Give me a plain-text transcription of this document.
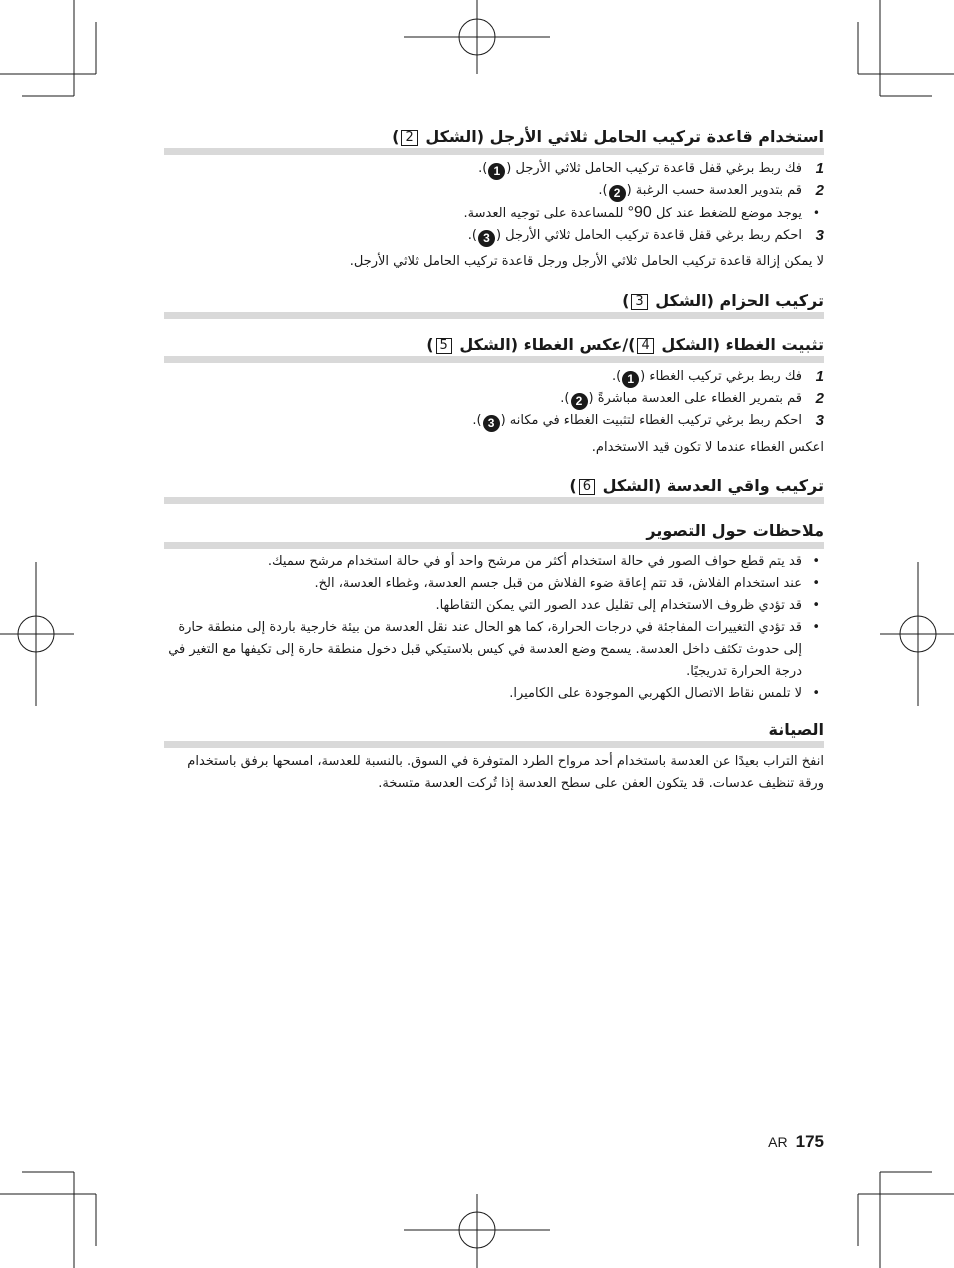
استخدام قاعدة تركيب الحامل ثلاثي الأرجل (الشكل 2)
1
فك ربط برغي قفل قاعدة تركيب الحامل ثلاثي الأرجل (1).
2
قم بتدوير العدسة حسب الرغبة (2).
•
يوجد موضع للضغط عند كل 90° للمساعدة على توجيه العدسة.
3
احكم ربط برغي قفل قاعدة تركيب الحامل ثلاثي الأرجل (3).

لا يمكن إزالة قاعدة تركيب الحامل ثلاثي الأرجل ورجل قاعدة تركيب الحامل ثلاثي الأرجل.

تركيب الحزام (الشكل 3)
تثبيت الغطاء (الشكل 4)/عكس الغطاء (الشكل 5)
1
فك ربط برغي تركيب الغطاء (1).
2
قم بتمرير الغطاء على العدسة مباشرةً (2).
3
احكم ربط برغي تركيب الغطاء لتثبيت الغطاء في مكانه (3).

اعكس الغطاء عندما لا تكون قيد الاستخدام.

تركيب واقي العدسة (الشكل 6)
ملاحظات حول التصوير
•
قد يتم قطع حواف الصور في حالة استخدام أكثر من مرشح واحد أو في حالة استخدام مرشح سميك.
•
عند استخدام الفلاش، قد تتم إعاقة ضوء الفلاش من قبل جسم العدسة، وغطاء العدسة، الخ.
•
قد تؤدي ظروف الاستخدام إلى تقليل عدد الصور التي يمكن التقاطها.
•
قد تؤدي التغييرات المفاجئة في درجات الحرارة، كما هو الحال عند نقل العدسة من بيئة خارجية باردة إلى منطقة حارة إلى حدوث تكثف داخل العدسة. يسمح وضع العدسة في كيس بلاستيكي قبل دخول منطقة حارة إلى تكيفها مع التغير في درجة الحرارة تدريجيًا.
•
لا تلمس نقاط الاتصال الكهربي الموجودة على الكاميرا.
الصيانة

انفخ التراب بعيدًا عن العدسة باستخدام أحد مرواح الطرد المتوفرة في السوق. بالنسبة للعدسة، امسحها برفق باستخدام ورقة تنظيف عدسات. قد يتكون العفن على سطح العدسة إذا تُركت العدسة متسخة.

AR 175
